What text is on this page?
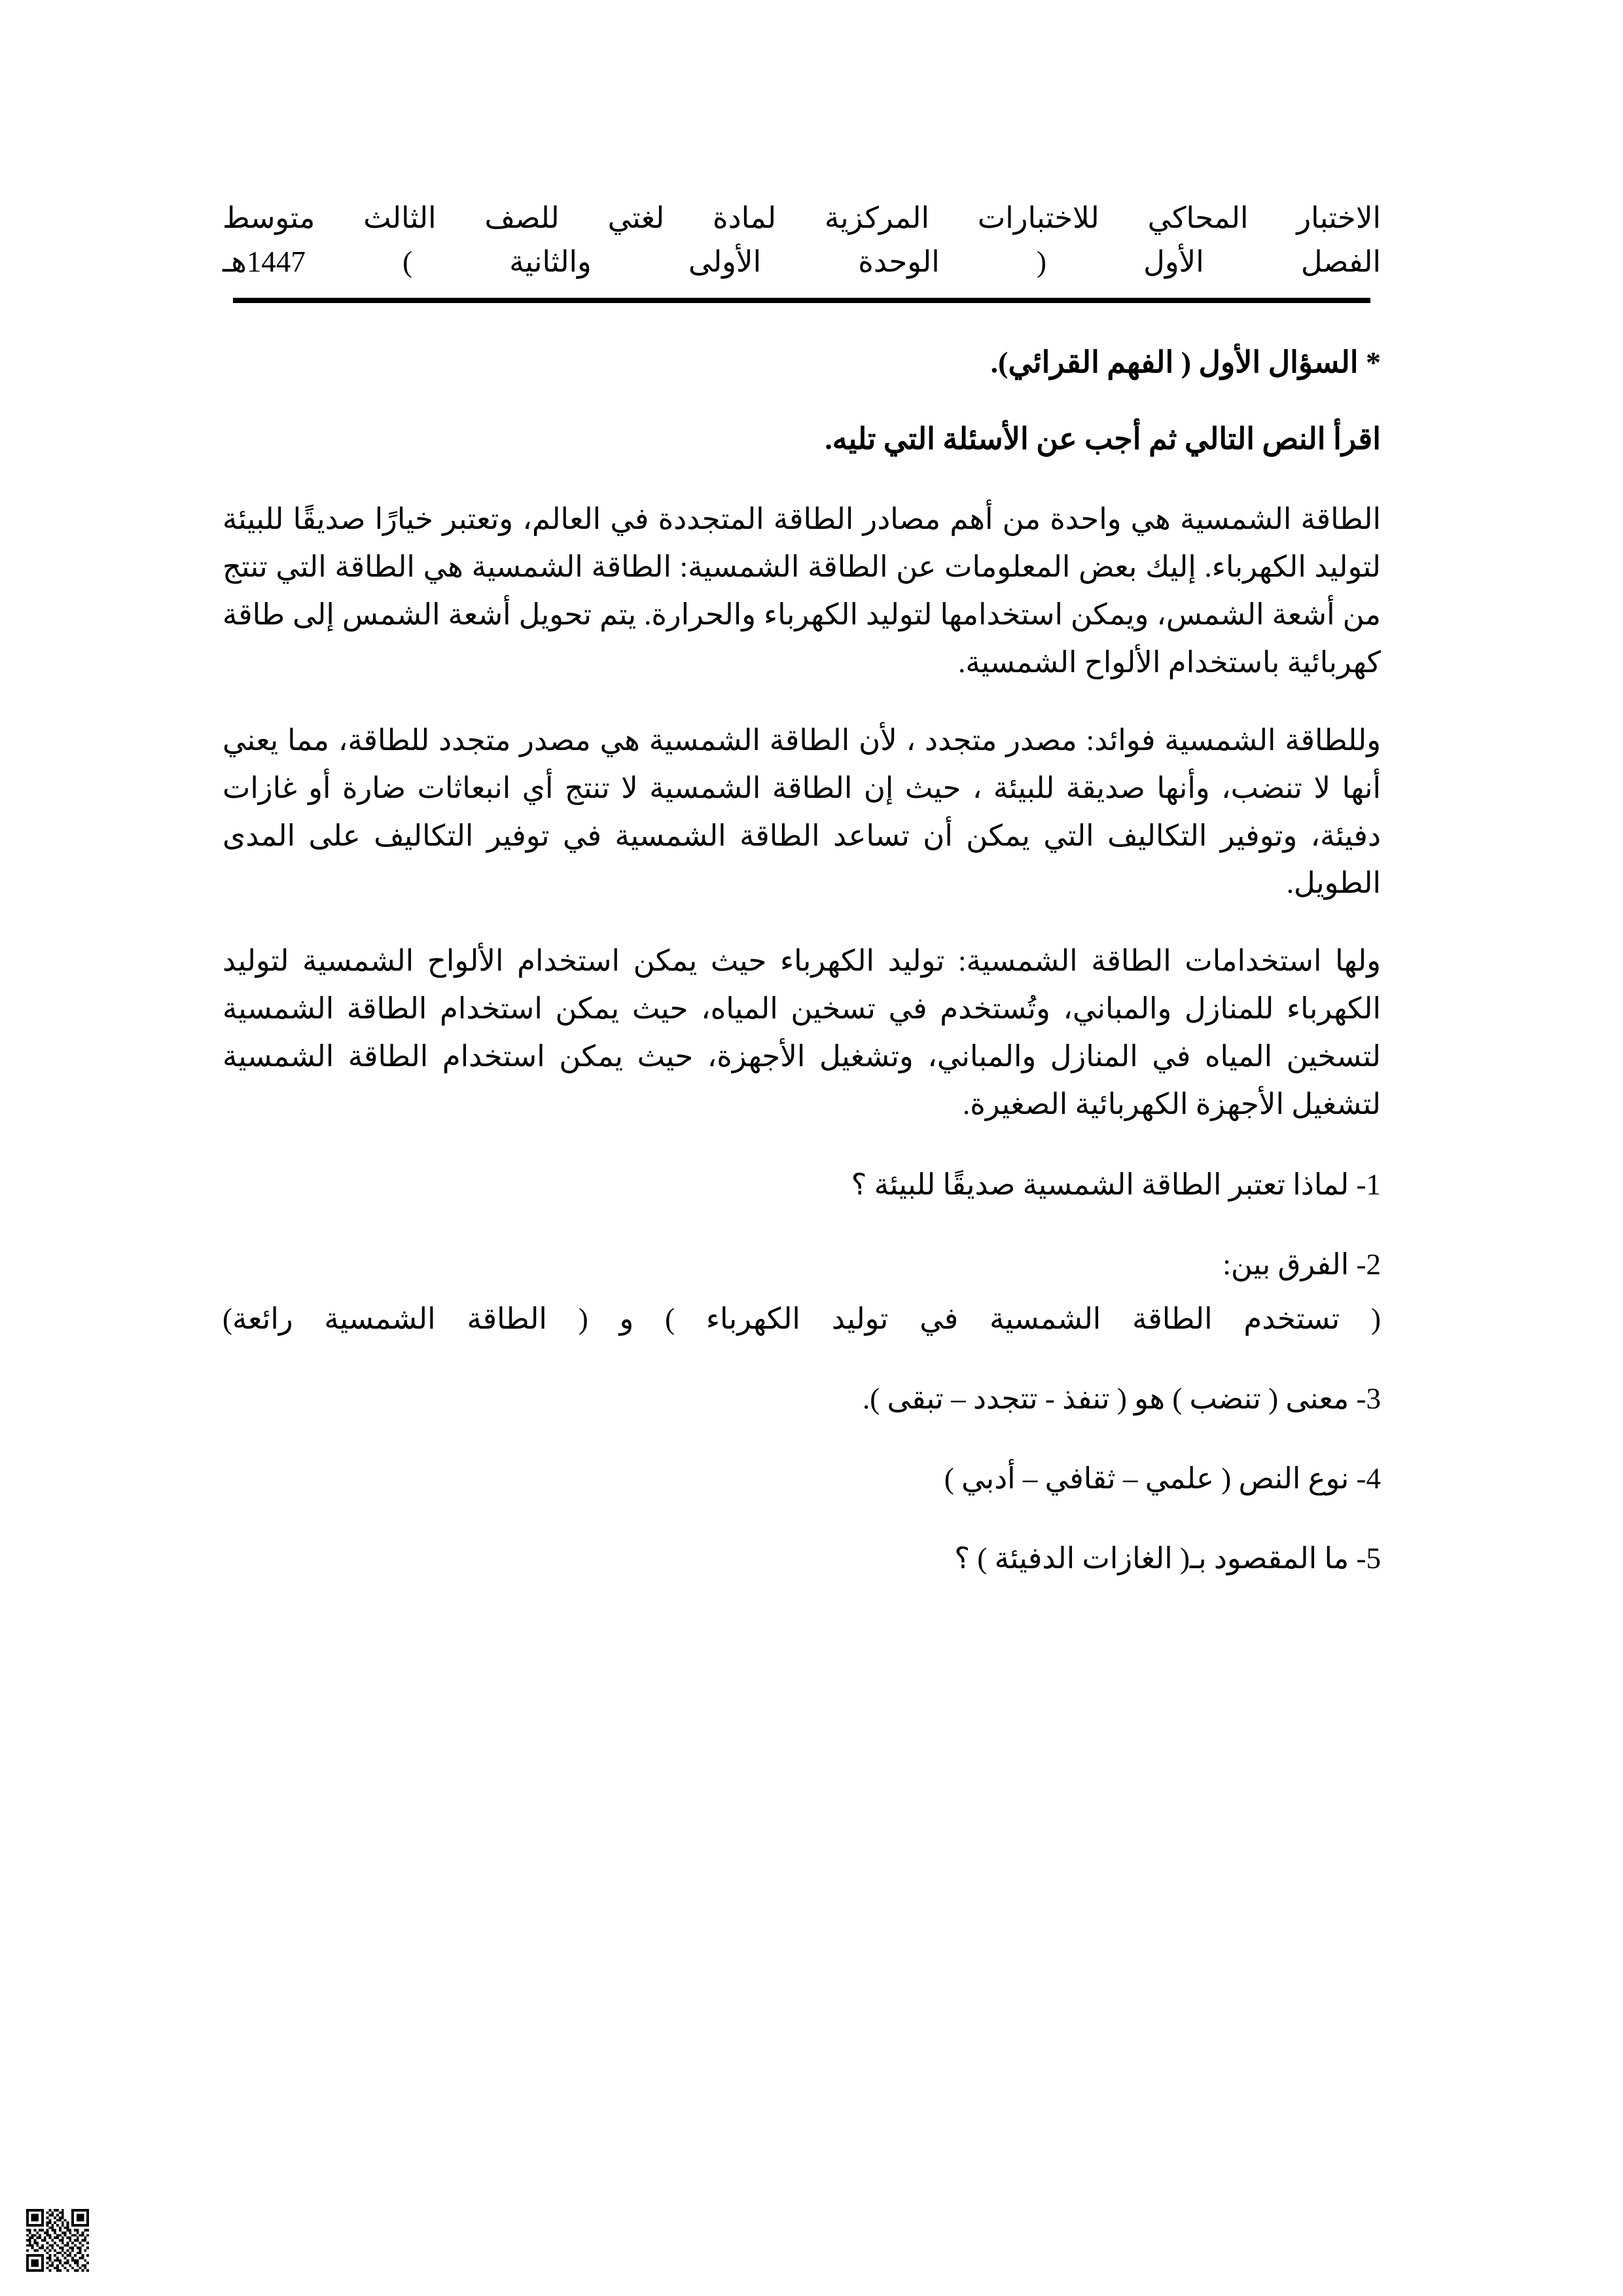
الاختبار المحاكي للاختبارات المركزية لمادة لغتي للصف الثالث متوسط
الفصل الأول ( الوحدة الأولى والثانية ) 1447هـ

* السؤال الأول ( الفهم القرائي).

اقرأ النص التالي ثم أجب عن الأسئلة التي تليه.

الطاقة الشمسية هي واحدة من أهم مصادر الطاقة المتجددة في العالم، وتعتبر خيارًا صديقًا للبيئة لتوليد الكهرباء. إليك بعض المعلومات عن الطاقة الشمسية: الطاقة الشمسية هي الطاقة التي تنتج من أشعة الشمس، ويمكن استخدامها لتوليد الكهرباء والحرارة. يتم تحويل أشعة الشمس إلى طاقة كهربائية باستخدام الألواح الشمسية.

وللطاقة الشمسية فوائد: مصدر متجدد ، لأن الطاقة الشمسية هي مصدر متجدد للطاقة، مما يعني أنها لا تنضب، وأنها صديقة للبيئة ، حيث إن الطاقة الشمسية لا تنتج أي انبعاثات ضارة أو غازات دفيئة، وتوفير التكاليف التي يمكن أن تساعد الطاقة الشمسية في توفير التكاليف على المدى الطويل.

ولها استخدامات الطاقة الشمسية: توليد الكهرباء حيث يمكن استخدام الألواح الشمسية لتوليد الكهرباء للمنازل والمباني، وتُستخدم في تسخين المياه، حيث يمكن استخدام الطاقة الشمسية لتسخين المياه في المنازل والمباني، وتشغيل الأجهزة، حيث يمكن استخدام الطاقة الشمسية لتشغيل الأجهزة الكهربائية الصغيرة.

1- لماذا تعتبر الطاقة الشمسية صديقًا للبيئة ؟

2- الفرق بين:

( تستخدم الطاقة الشمسية في توليد الكهرباء ) و ( الطاقة الشمسية رائعة)

3- معنى ( تنضب ) هو ( تنفذ - تتجدد – تبقى ).

4- نوع النص ( علمي – ثقافي – أدبي )

5- ما المقصود بـ( الغازات الدفيئة ) ؟
